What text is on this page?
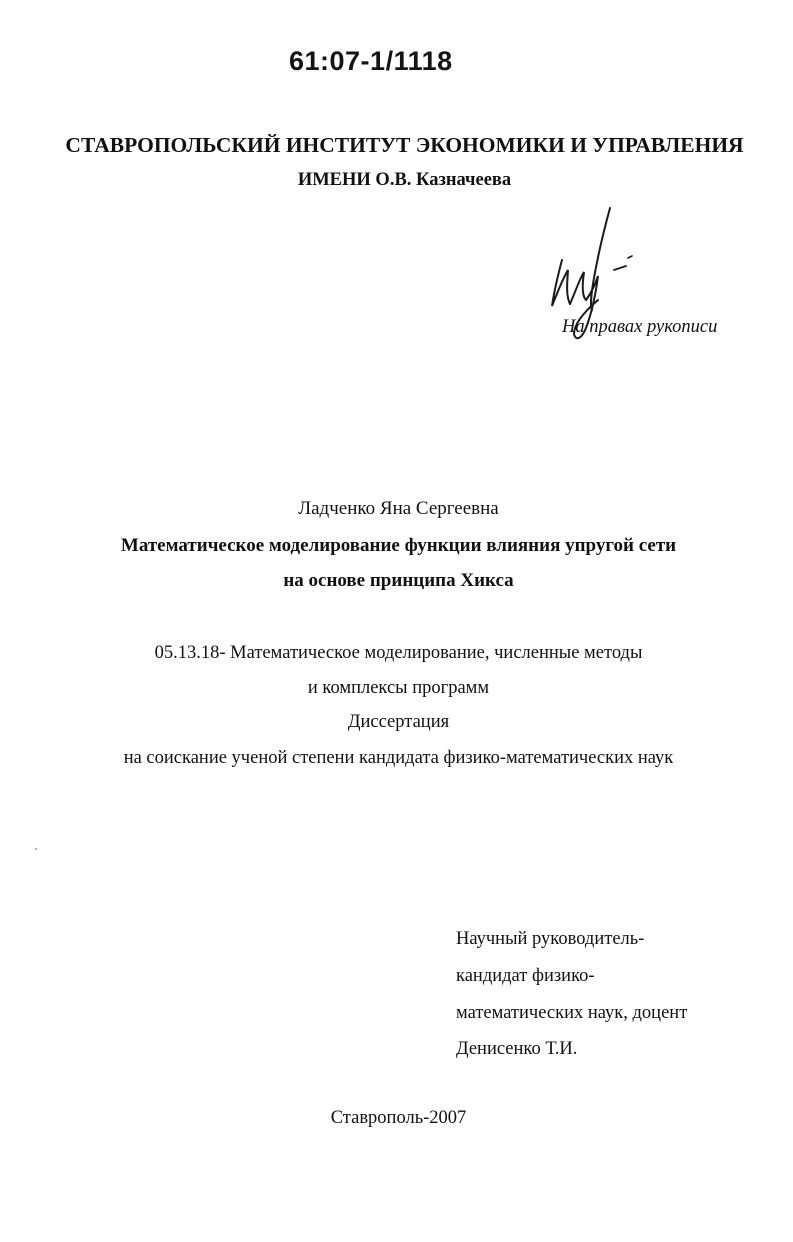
61:07-1/1118
СТАВРОПОЛЬСКИЙ ИНСТИТУТ ЭКОНОМИКИ И УПРАВЛЕНИЯ
ИМЕНИ О.В. Казначеева
На правах рукописи
Ладченко Яна Сергеевна
Математическое моделирование функции влияния упругой сети
на основе принципа Хикса
05.13.18- Математическое моделирование, численные методы
и комплексы программ
Диссертация
на соискание ученой степени кандидата физико-математических наук
Научный руководитель-
кандидат физико-
математических наук, доцент
Денисенко Т.И.
Ставрополь-2007
